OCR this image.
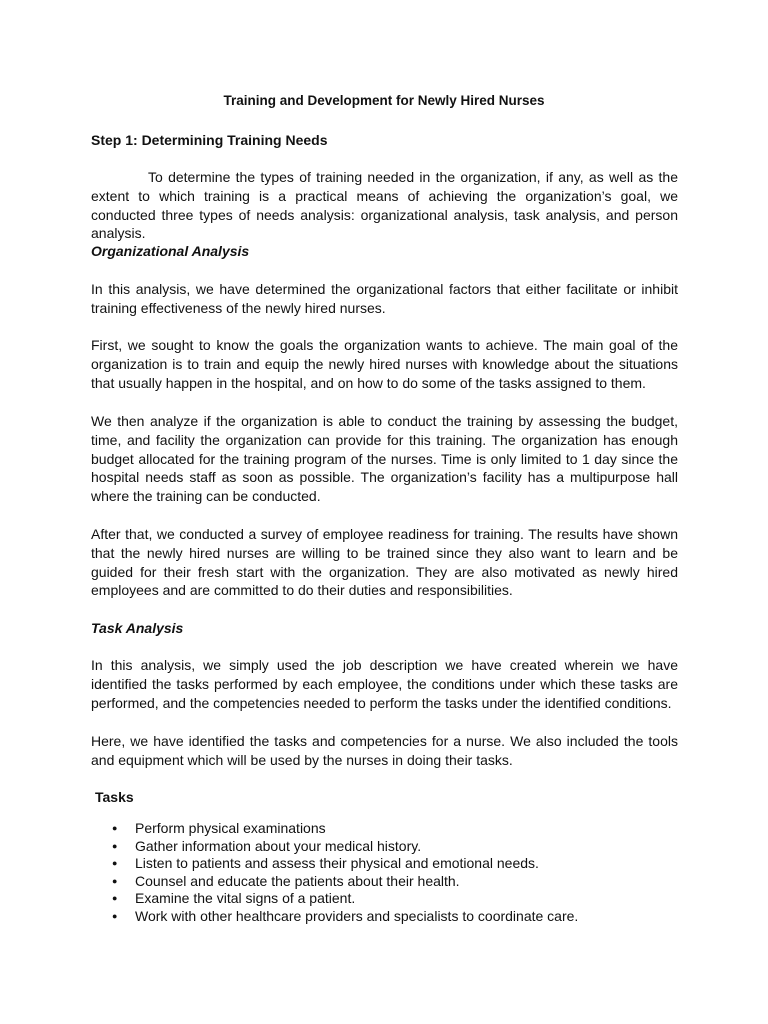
Training and Development for Newly Hired Nurses
Step 1: Determining Training Needs
To determine the types of training needed in the organization, if any, as well as the extent to which training is a practical means of achieving the organization’s goal, we conducted three types of needs analysis: organizational analysis, task analysis, and person analysis.
Organizational Analysis
In this analysis, we have determined the organizational factors that either facilitate or inhibit training effectiveness of the newly hired nurses.
First, we sought to know the goals the organization wants to achieve. The main goal of the organization is to train and equip the newly hired nurses with knowledge about the situations that usually happen in the hospital, and on how to do some of the tasks assigned to them.
We then analyze if the organization is able to conduct the training by assessing the budget, time, and facility the organization can provide for this training. The organization has enough budget allocated for the training program of the nurses. Time is only limited to 1 day since the hospital needs staff as soon as possible. The organization’s facility has a multipurpose hall where the training can be conducted.
After that, we conducted a survey of employee readiness for training. The results have shown that the newly hired nurses are willing to be trained since they also want to learn and be guided for their fresh start with the organization. They are also motivated as newly hired employees and are committed to do their duties and responsibilities.
Task Analysis
In this analysis, we simply used the job description we have created wherein we have identified the tasks performed by each employee, the conditions under which these tasks are performed, and the competencies needed to perform the tasks under the identified conditions.
Here, we have identified the tasks and competencies for a nurse. We also included the tools and equipment which will be used by the nurses in doing their tasks.
Tasks
● Perform physical examinations
● Gather information about your medical history.
● Listen to patients and assess their physical and emotional needs.
● Counsel and educate the patients about their health.
● Examine the vital signs of a patient.
● Work with other healthcare providers and specialists to coordinate care.
